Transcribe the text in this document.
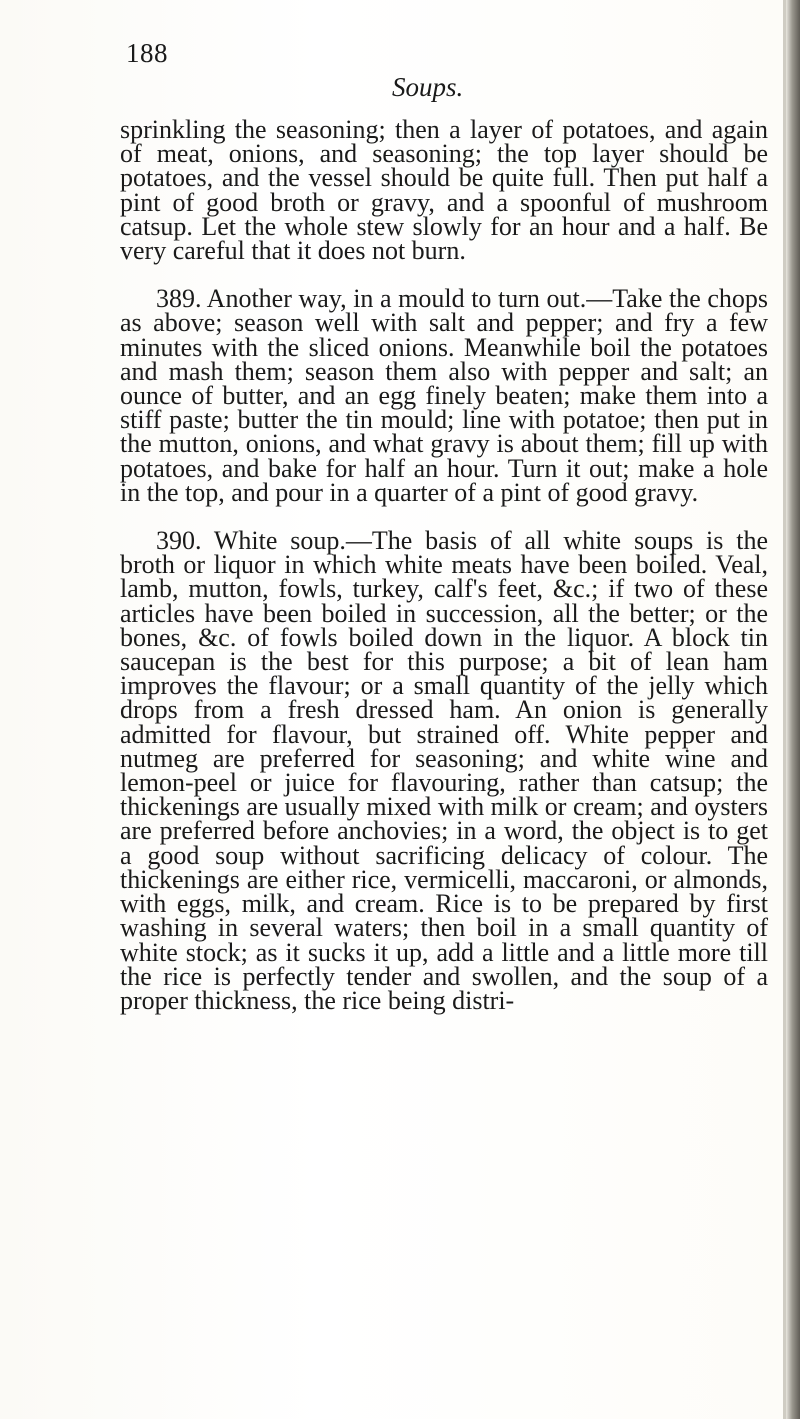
188
Soups.

sprinkling the seasoning; then a layer of potatoes, and again of meat, onions, and seasoning; the top layer should be potatoes, and the vessel should be quite full. Then put half a pint of good broth or gravy, and a spoonful of mushroom catsup. Let the whole stew slowly for an hour and a half. Be very careful that it does not burn.

389. Another way, in a mould to turn out.—Take the chops as above; season well with salt and pepper; and fry a few minutes with the sliced onions. Meanwhile boil the potatoes and mash them; season them also with pepper and salt; an ounce of butter, and an egg finely beaten; make them into a stiff paste; butter the tin mould; line with potatoe; then put in the mutton, onions, and what gravy is about them; fill up with potatoes, and bake for half an hour. Turn it out; make a hole in the top, and pour in a quarter of a pint of good gravy.

390. White soup.—The basis of all white soups is the broth or liquor in which white meats have been boiled. Veal, lamb, mutton, fowls, turkey, calf's feet, &c.; if two of these articles have been boiled in succession, all the better; or the bones, &c. of fowls boiled down in the liquor. A block tin saucepan is the best for this purpose; a bit of lean ham improves the flavour; or a small quantity of the jelly which drops from a fresh dressed ham. An onion is generally admitted for flavour, but strained off. White pepper and nutmeg are preferred for seasoning; and white wine and lemon-peel or juice for flavouring, rather than catsup; the thickenings are usually mixed with milk or cream; and oysters are preferred before anchovies; in a word, the object is to get a good soup without sacrificing delicacy of colour. The thickenings are either rice, vermicelli, maccaroni, or almonds, with eggs, milk, and cream. Rice is to be prepared by first washing in several waters; then boil in a small quantity of white stock; as it sucks it up, add a little and a little more till the rice is perfectly tender and swollen, and the soup of a proper thickness, the rice being distri-
